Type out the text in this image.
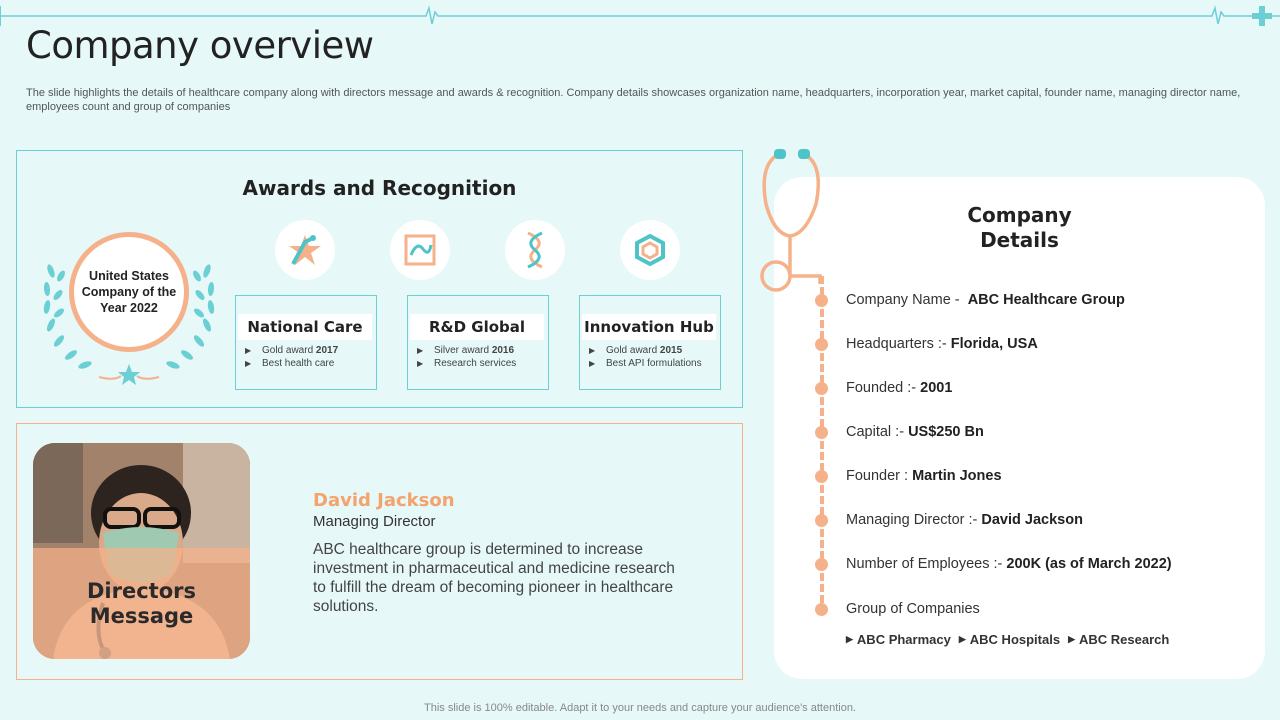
Company overview

The slide highlights the details of healthcare company along with directors message and awards & recognition. Company details showcases organization name, headquarters, incorporation year, market capital, founder name, managing director name, employees count and group of companies

Awards and Recognition
United States Company of the Year 2022
National Care
▶	Gold award 2017
▶	Best health care
R&D Global
▶	Silver award 2016
▶	Research services
Innovation Hub
▶	Gold award 2015
▶	Best API formulations
Directors Message
David Jackson
Managing Director
ABC healthcare group is determined to increase investment in pharmaceutical and medicine research to fulfill the dream of becoming pioneer in healthcare solutions.
Company Details
Company Name -  ABC Healthcare Group
Headquarters :- Florida, USA
Founded :- 2001
Capital :- US$250 Bn
Founder : Martin Jones
Managing Director :- David Jackson
Number of Employees :- 200K (as of March 2022)
Group of Companies
▶ ABC Pharmacy ▶ ABC Hospitals ▶ ABC Research
This slide is 100% editable. Adapt it to your needs and capture your audience's attention.
